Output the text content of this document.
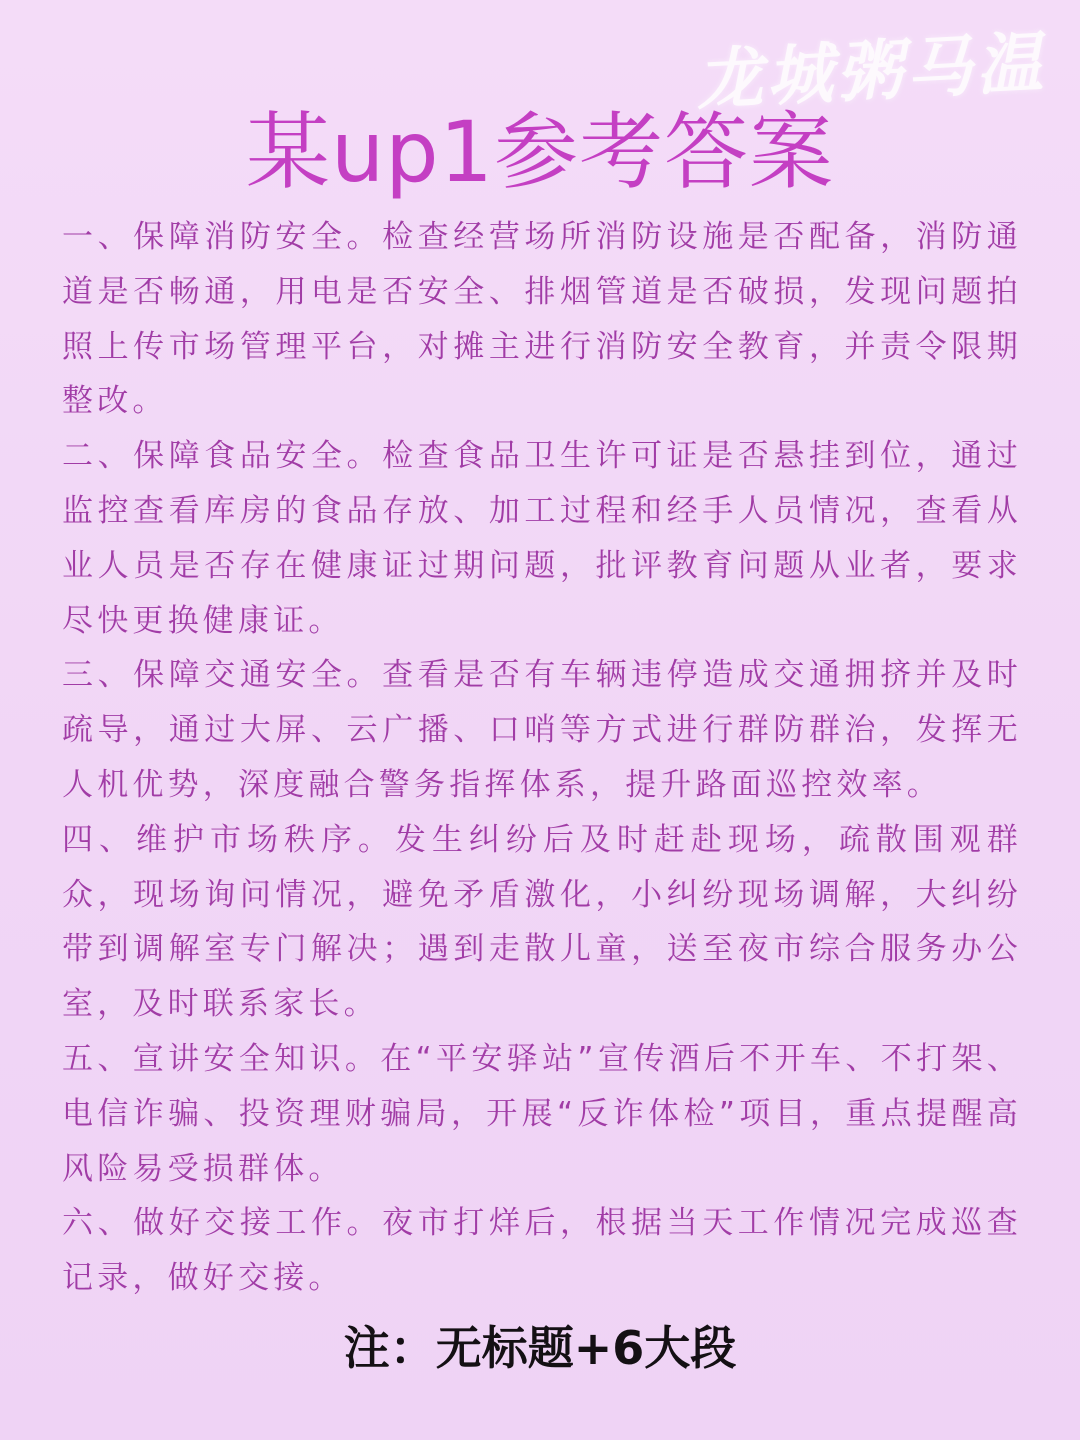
龙城粥马温
某up1参考答案

一、保障消防安全。检查经营场所消防设施是否配备，消防通道是否畅通，用电是否安全、排烟管道是否破损，发现问题拍照上传市场管理平台，对摊主进行消防安全教育，并责令限期整改。

二、保障食品安全。检查食品卫生许可证是否悬挂到位，通过监控查看库房的食品存放、加工过程和经手人员情况，查看从业人员是否存在健康证过期问题，批评教育问题从业者，要求尽快更换健康证。

三、保障交通安全。查看是否有车辆违停造成交通拥挤并及时疏导，通过大屏、云广播、口哨等方式进行群防群治，发挥无人机优势，深度融合警务指挥体系，提升路面巡控效率。

四、维护市场秩序。发生纠纷后及时赶赴现场，疏散围观群众，现场询问情况，避免矛盾激化，小纠纷现场调解，大纠纷带到调解室专门解决；遇到走散儿童，送至夜市综合服务办公室，及时联系家长。

五、宣讲安全知识。在“平安驿站”宣传酒后不开车、不打架、电信诈骗、投资理财骗局，开展“反诈体检”项目，重点提醒高风险易受损群体。

六、做好交接工作。夜市打烊后，根据当天工作情况完成巡查记录，做好交接。

注：无标题+6大段
